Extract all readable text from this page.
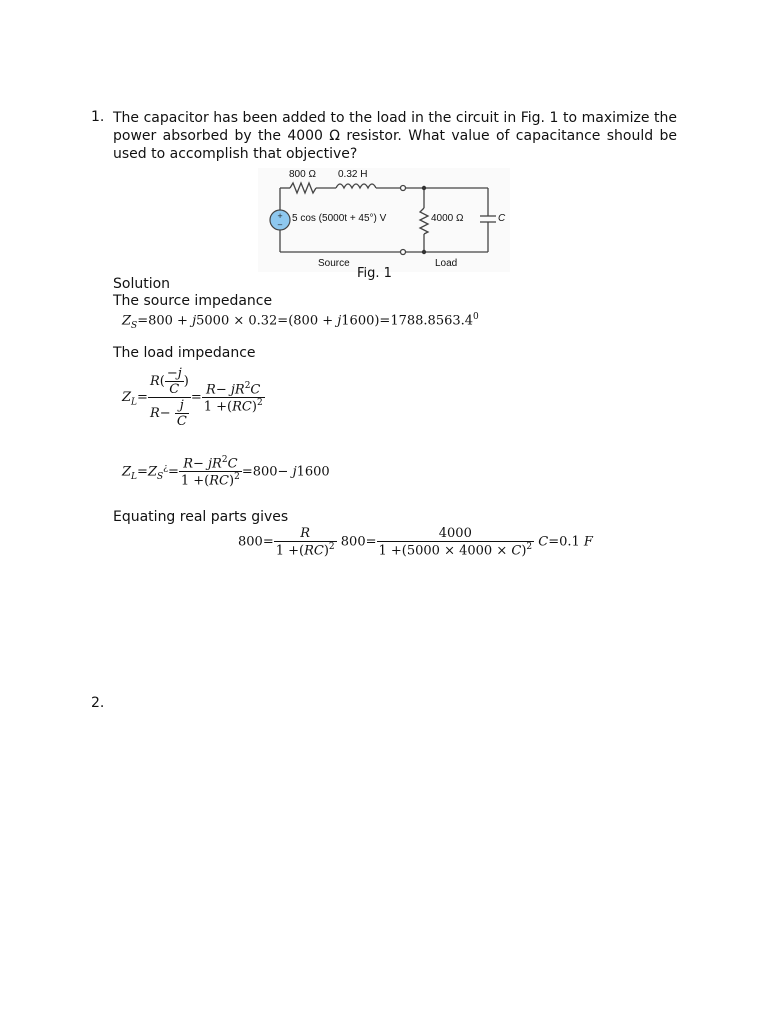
1. The capacitor has been added to the load in the circuit in Fig. 1 to maximize the power absorbed by the 4000 Ω resistor. What value of capacitance should be used to accomplish that objective?
+
−
800 Ω 0.32 H
5 cos (5000t + 45°) V	4000 Ω	C
Source	Load
Fig. 1
Solution
The source impedance
$Z_S=800 + j5000 \times 0.32=(800 + j1600)=1788.8563.4^0$
The load impedance
$Z_L= \frac{R( \frac{-j}{C} )}{R- \frac{j}{C}} = \frac{R- jR^2C}{1 +(RC)^2}$
$Z_L=Z_S^¿= \frac{R- jR^2C}{1 +(RC)^2} =800- j1600$
Equating real parts gives
$800= \frac{R}{1 +(RC)^2} 800= \frac{4000}{1 +(5000 \times 4000 \times C)^2} C=0.1$ F
2.
